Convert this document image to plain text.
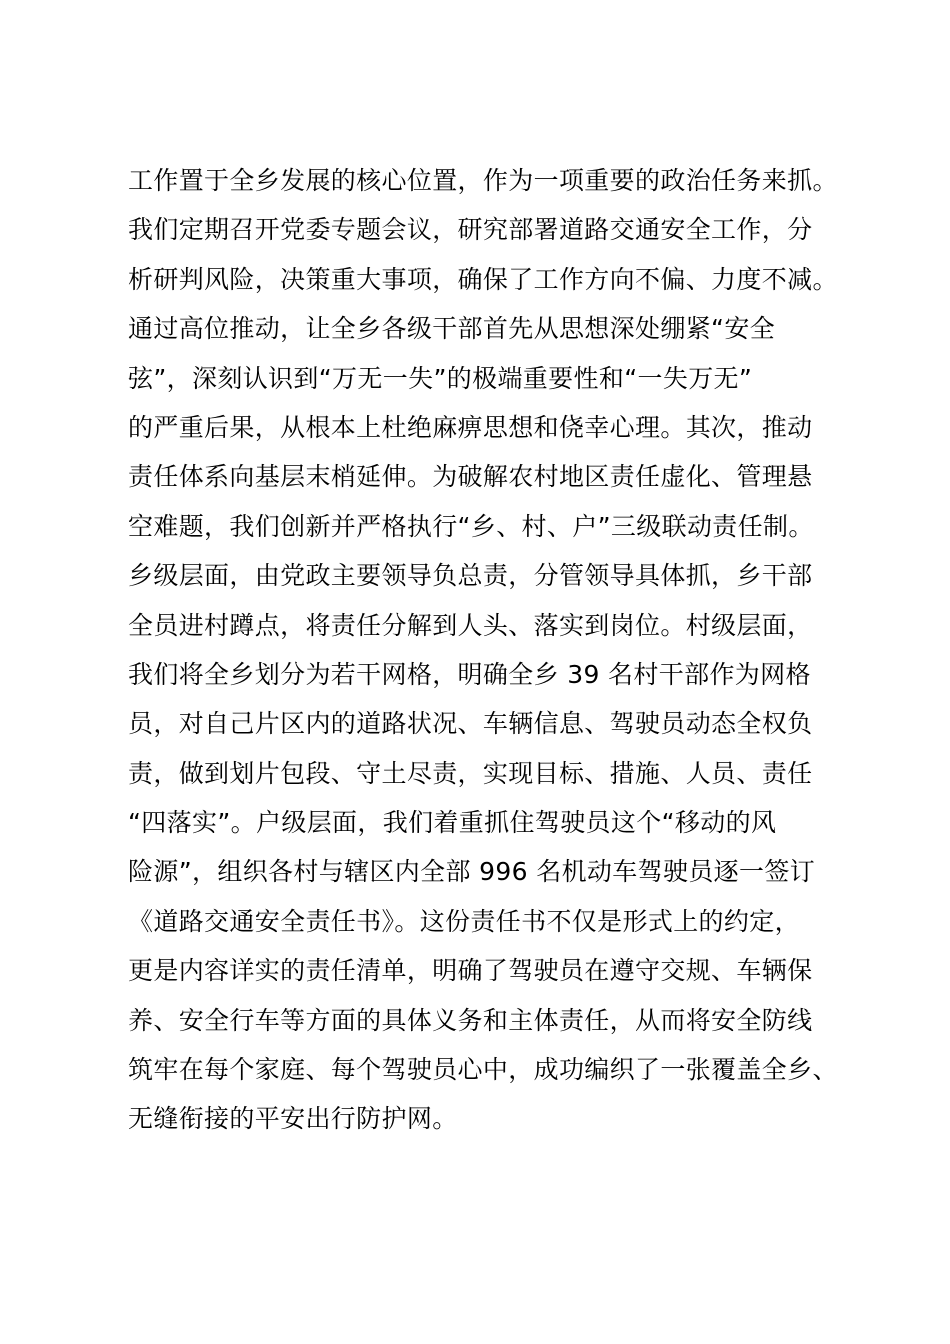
工作置于全乡发展的核心位置，作为一项重要的政治任务来抓。
我们定期召开党委专题会议，研究部署道路交通安全工作，分
析研判风险，决策重大事项，确保了工作方向不偏、力度不减。
通过高位推动，让全乡各级干部首先从思想深处绷紧“安全
弦”，深刻认识到“万无一失”的极端重要性和“一失万无”
的严重后果，从根本上杜绝麻痹思想和侥幸心理。其次，推动
责任体系向基层末梢延伸。为破解农村地区责任虚化、管理悬
空难题，我们创新并严格执行“乡、村、户”三级联动责任制。
乡级层面，由党政主要领导负总责，分管领导具体抓，乡干部
全员进村蹲点，将责任分解到人头、落实到岗位。村级层面，
我们将全乡划分为若干网格，明确全乡 39 名村干部作为网格
员，对自己片区内的道路状况、车辆信息、驾驶员动态全权负
责，做到划片包段、守土尽责，实现目标、措施、人员、责任
“四落实”。户级层面，我们着重抓住驾驶员这个“移动的风
险源”，组织各村与辖区内全部 996 名机动车驾驶员逐一签订
《道路交通安全责任书》。这份责任书不仅是形式上的约定，
更是内容详实的责任清单，明确了驾驶员在遵守交规、车辆保
养、安全行车等方面的具体义务和主体责任，从而将安全防线
筑牢在每个家庭、每个驾驶员心中，成功编织了一张覆盖全乡、
无缝衔接的平安出行防护网。
